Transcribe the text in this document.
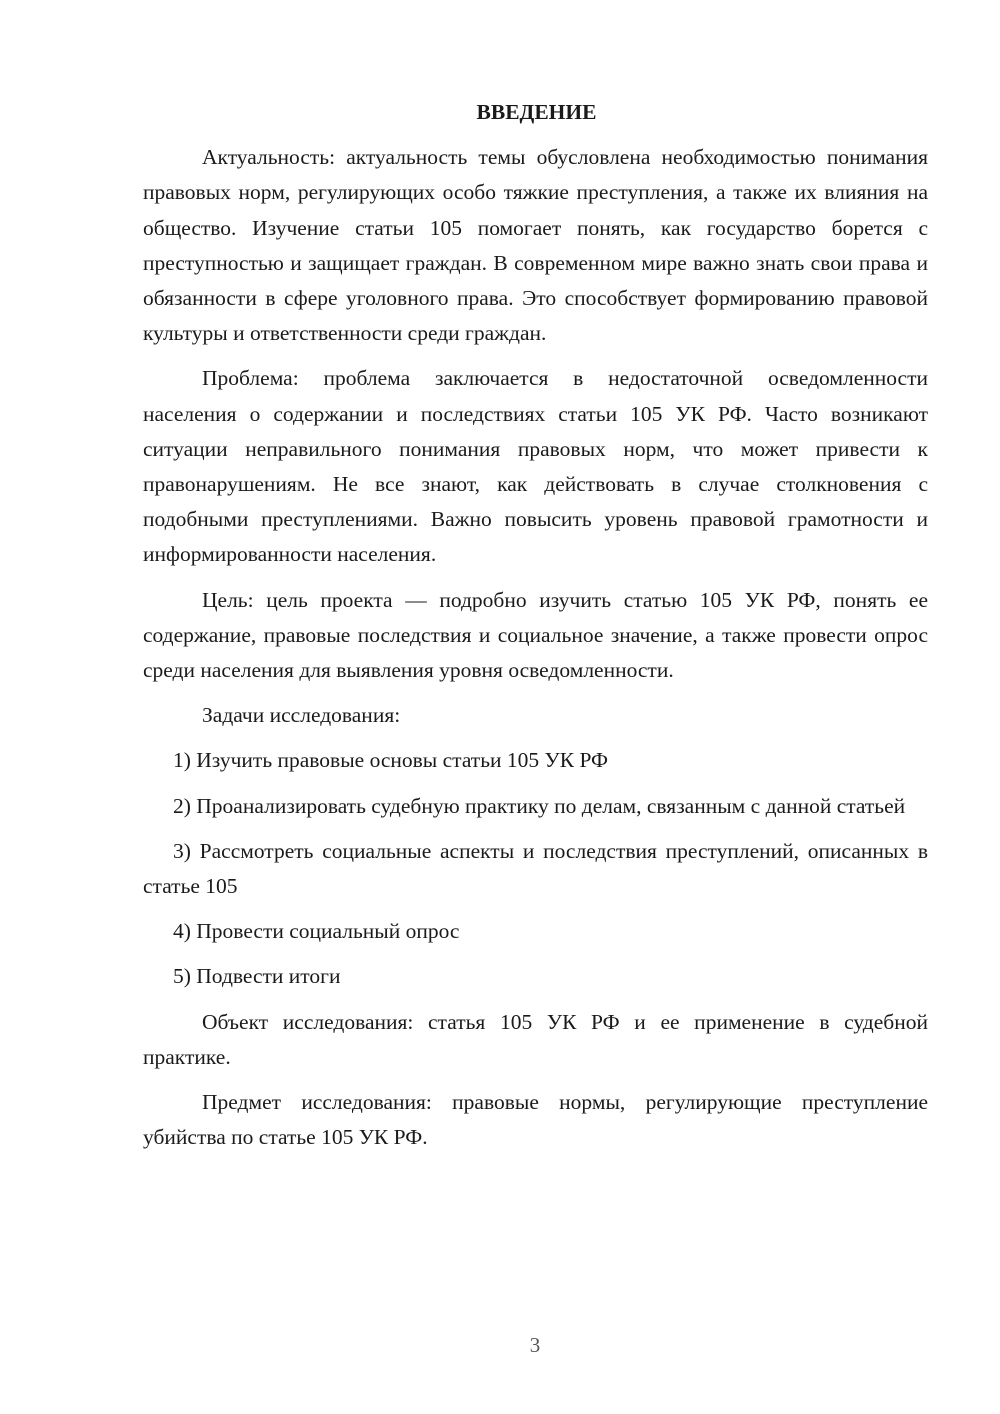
ВВЕДЕНИЕ

Актуальность: актуальность темы обусловлена необходимостью понимания правовых норм, регулирующих особо тяжкие преступления, а также их влияния на общество. Изучение статьи 105 помогает понять, как государство борется с преступностью и защищает граждан. В современном мире важно знать свои права и обязанности в сфере уголовного права. Это способствует формированию правовой культуры и ответственности среди граждан.

Проблема: проблема заключается в недостаточной осведомленности населения о содержании и последствиях статьи 105 УК РФ. Часто возникают ситуации неправильного понимания правовых норм, что может привести к правонарушениям. Не все знают, как действовать в случае столкновения с подобными преступлениями. Важно повысить уровень правовой грамотности и информированности населения.

Цель: цель проекта — подробно изучить статью 105 УК РФ, понять ее содержание, правовые последствия и социальное значение, а также провести опрос среди населения для выявления уровня осведомленности.

Задачи исследования:

1) Изучить правовые основы статьи 105 УК РФ

2) Проанализировать судебную практику по делам, связанным с данной статьей

3) Рассмотреть социальные аспекты и последствия преступлений, описанных в статье 105

4) Провести социальный опрос

5) Подвести итоги

Объект исследования: статья 105 УК РФ и ее применение в судебной практике.

Предмет исследования: правовые нормы, регулирующие преступление убийства по статье 105 УК РФ.

3
